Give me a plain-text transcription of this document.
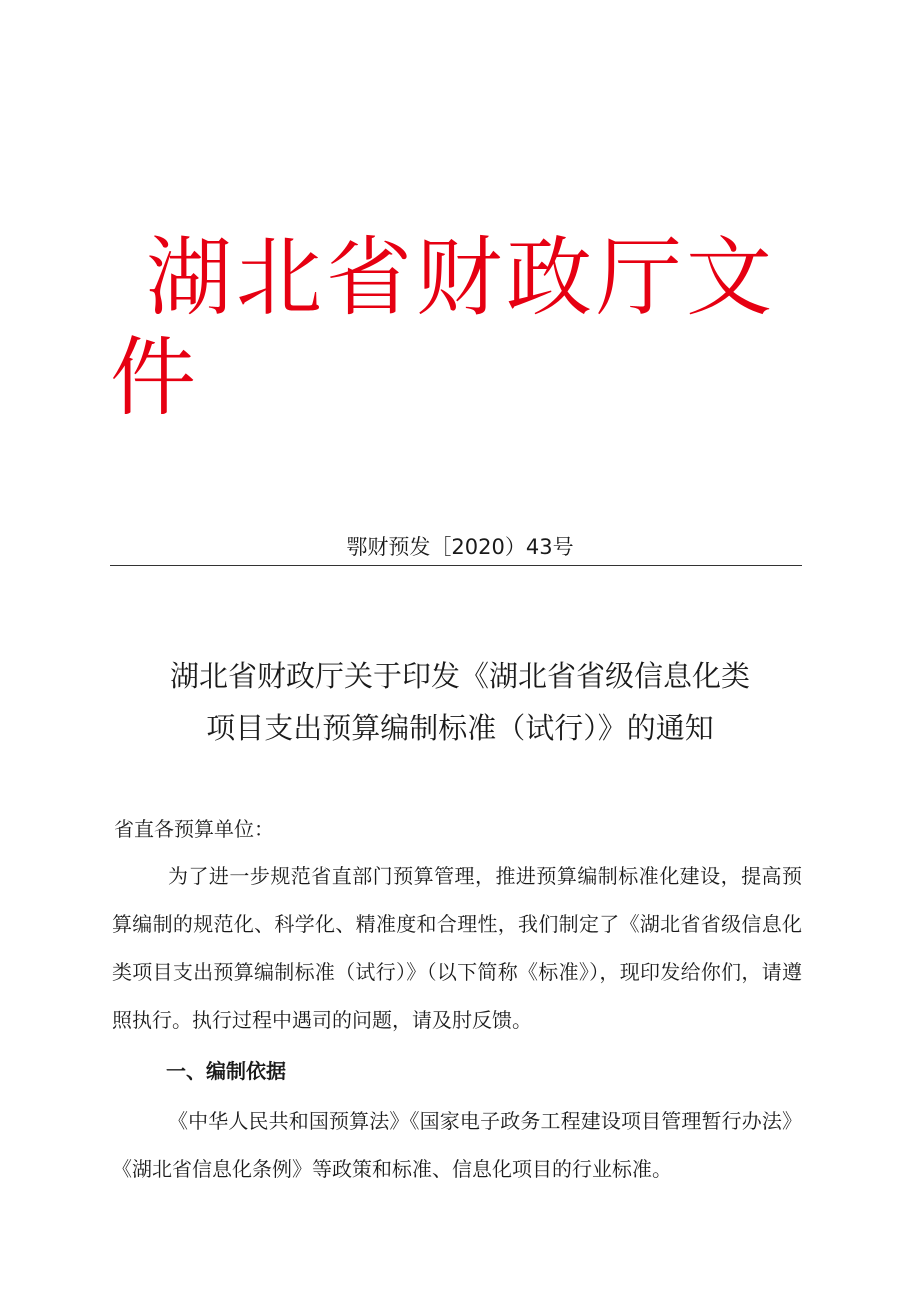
湖北省财政厅文件
鄂财预发［2020）43号
湖北省财政厅关于印发《湖北省省级信息化类
项目支出预算编制标准（试行）》的通知
省直各预算单位：

为了进一步规范省直部门预算管理，推进预算编制标准化建设，提高预算编制的规范化、科学化、精准度和合理性，我们制定了《湖北省省级信息化类项目支出预算编制标准（试行）》（以下简称《标准》），现印发给你们，请遵照执行。执行过程中遇司的问题，请及肘反馈。

一、编制依据

《中华人民共和国预算法》《国家电子政务工程建设项目管理暂行办法》《湖北省信息化条例》等政策和标准、信息化项目的行业标准。
